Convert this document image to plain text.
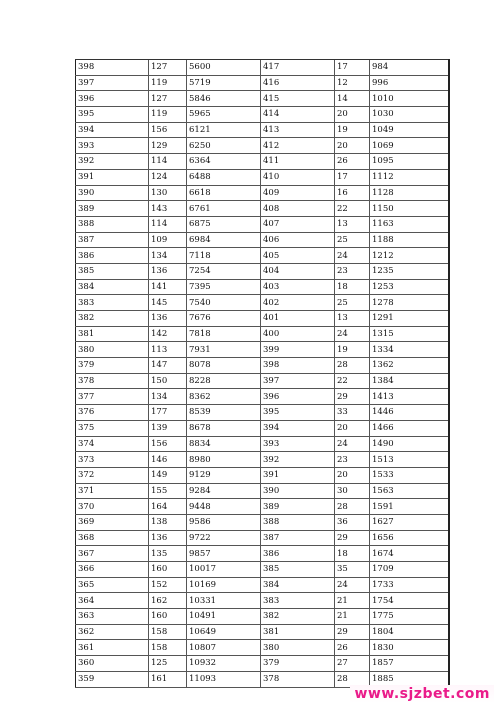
398	127	5600	417	17	984
397	119	5719	416	12	996
396	127	5846	415	14	1010
395	119	5965	414	20	1030
394	156	6121	413	19	1049
393	129	6250	412	20	1069
392	114	6364	411	26	1095
391	124	6488	410	17	1112
390	130	6618	409	16	1128
389	143	6761	408	22	1150
388	114	6875	407	13	1163
387	109	6984	406	25	1188
386	134	7118	405	24	1212
385	136	7254	404	23	1235
384	141	7395	403	18	1253
383	145	7540	402	25	1278
382	136	7676	401	13	1291
381	142	7818	400	24	1315
380	113	7931	399	19	1334
379	147	8078	398	28	1362
378	150	8228	397	22	1384
377	134	8362	396	29	1413
376	177	8539	395	33	1446
375	139	8678	394	20	1466
374	156	8834	393	24	1490
373	146	8980	392	23	1513
372	149	9129	391	20	1533
371	155	9284	390	30	1563
370	164	9448	389	28	1591
369	138	9586	388	36	1627
368	136	9722	387	29	1656
367	135	9857	386	18	1674
366	160	10017	385	35	1709
365	152	10169	384	24	1733
364	162	10331	383	21	1754
363	160	10491	382	21	1775
362	158	10649	381	29	1804
361	158	10807	380	26	1830
360	125	10932	379	27	1857
359	161	11093	378	28	1885
www.sjzbet.com
